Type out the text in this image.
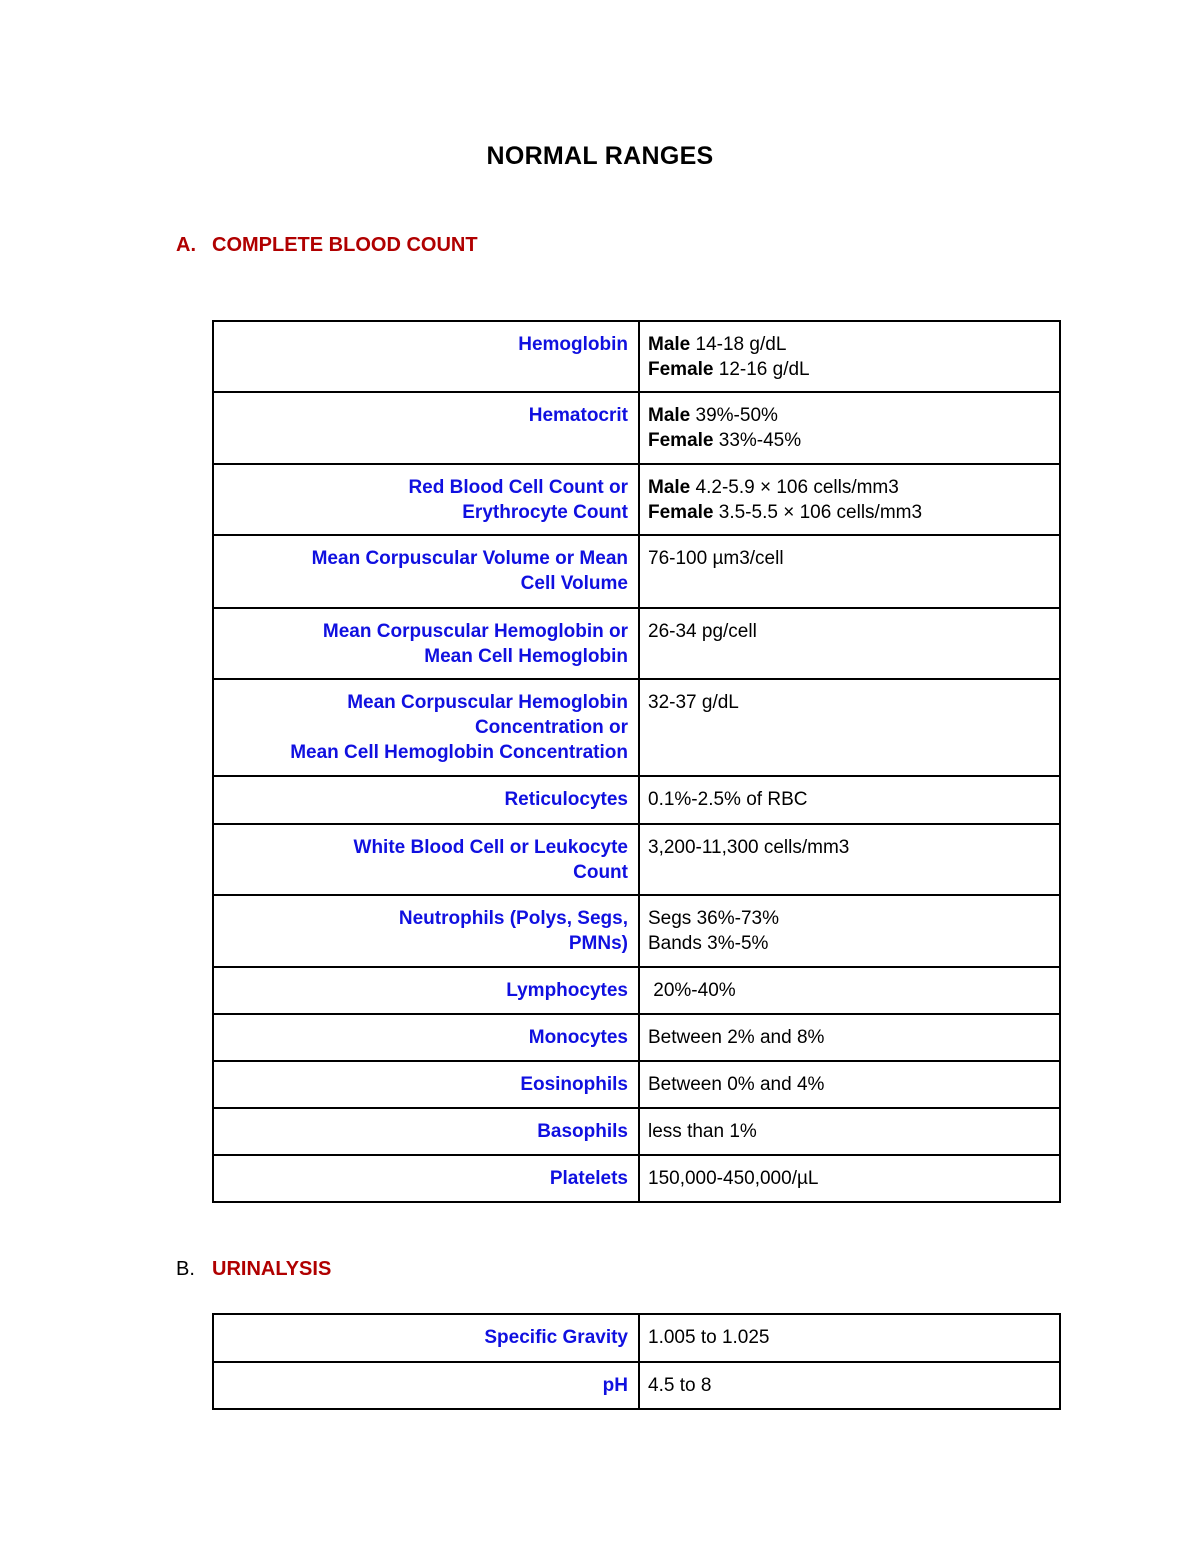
NORMAL RANGES
A. COMPLETE BLOOD COUNT
Hemoglobin	Male 14-18 g/dL
Female 12-16 g/dL

Hematocrit	Male 39%-50%
Female 33%-45%

Red Blood Cell Count or
Erythrocyte Count	Male 4.2-5.9 × 106 cells/mm3
Female 3.5-5.5 × 106 cells/mm3

Mean Corpuscular Volume or Mean
Cell Volume	76-100 µm3/cell

Mean Corpuscular Hemoglobin or
Mean Cell Hemoglobin	26-34 pg/cell

Mean Corpuscular Hemoglobin
Concentration or
Mean Cell Hemoglobin Concentration	32-37 g/dL

Reticulocytes	0.1%-2.5% of RBC

White Blood Cell or Leukocyte
Count	3,200-11,300 cells/mm3

Neutrophils (Polys, Segs,
PMNs)	Segs 36%-73%
Bands 3%-5%

Lymphocytes	20%-40%

Monocytes	Between 2% and 8%

Eosinophils	Between 0% and 4%

Basophils	less than 1%

Platelets	150,000-450,000/µL
B. URINALYSIS
Specific Gravity	1.005 to 1.025

pH	4.5 to 8
